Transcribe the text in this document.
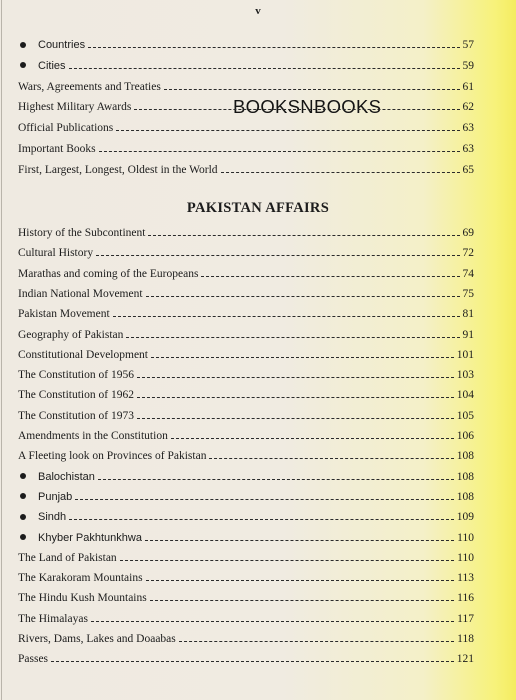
v
BOOKSNBOOKS
PAKISTAN AFFAIRS
Countries	57
Cities	59
Wars, Agreements and Treaties	61
Highest Military Awards	62
Official Publications	63
Important Books	63
First, Largest, Longest, Oldest in the World	65
History of the Subcontinent	69
Cultural History	72
Marathas and coming of the Europeans	74
Indian National Movement	75
Pakistan Movement	81
Geography of Pakistan	91
Constitutional Development	101
The Constitution of 1956	103
The Constitution of 1962	104
The Constitution of 1973	105
Amendments in the Constitution	106
A Fleeting look on Provinces of Pakistan	108
Balochistan	108
Punjab	108
Sindh	109
Khyber Pakhtunkhwa	110
The Land of Pakistan	110
The Karakoram Mountains	113
The Hindu Kush Mountains	116
The Himalayas	117
Rivers, Dams, Lakes and Doaabas	118
Passes	121
